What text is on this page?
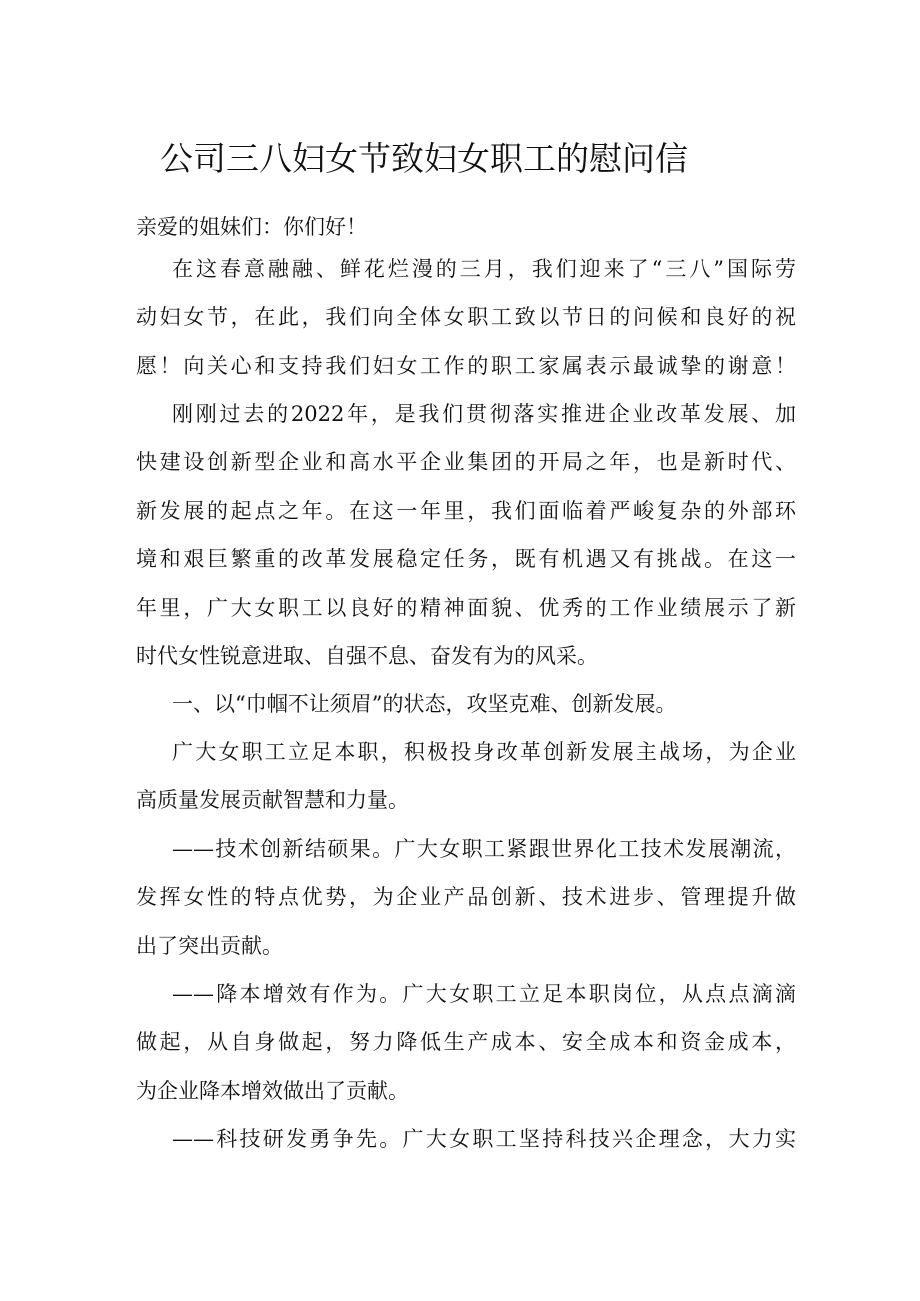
公司三八妇女节致妇女职工的慰问信
亲爱的姐妹们：你们好！
在这春意融融、鲜花烂漫的三月，我们迎来了“三八”国际劳
动妇女节，在此，我们向全体女职工致以节日的问候和良好的祝
愿！向关心和支持我们妇女工作的职工家属表示最诚挚的谢意！
刚刚过去的2022年，是我们贯彻落实推进企业改革发展、加
快建设创新型企业和高水平企业集团的开局之年，也是新时代、
新发展的起点之年。在这一年里，我们面临着严峻复杂的外部环
境和艰巨繁重的改革发展稳定任务，既有机遇又有挑战。在这一
年里，广大女职工以良好的精神面貌、优秀的工作业绩展示了新
时代女性锐意进取、自强不息、奋发有为的风采。
一、以“巾帼不让须眉”的状态，攻坚克难、创新发展。
广大女职工立足本职，积极投身改革创新发展主战场，为企业
高质量发展贡献智慧和力量。
——技术创新结硕果。广大女职工紧跟世界化工技术发展潮流，
发挥女性的特点优势，为企业产品创新、技术进步、管理提升做
出了突出贡献。
——降本增效有作为。广大女职工立足本职岗位，从点点滴滴
做起，从自身做起，努力降低生产成本、安全成本和资金成本，
为企业降本增效做出了贡献。
——科技研发勇争先。广大女职工坚持科技兴企理念，大力实
